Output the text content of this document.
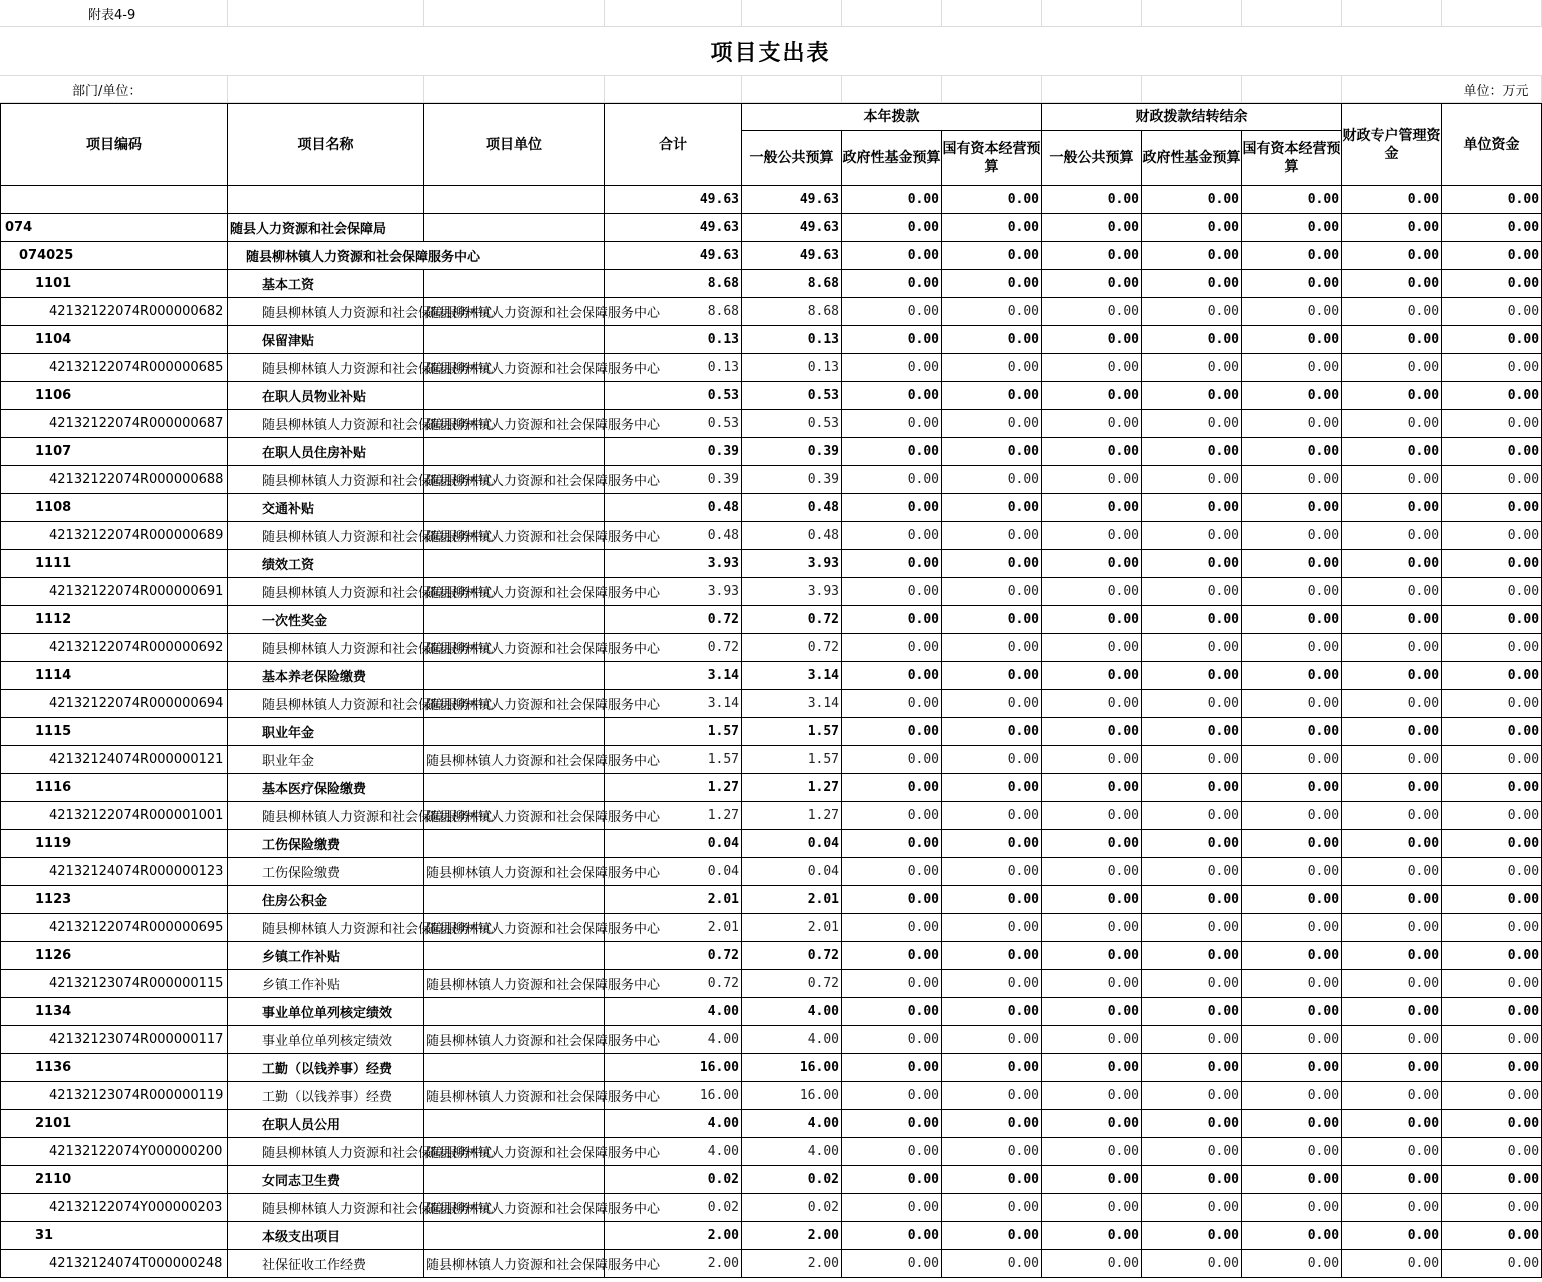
附表4-9											
项目支出表											
部门/单位：										单位：万元	
项目编码	项目名称	项目单位	合计	本年拨款			财政拨款结转结余			财政专户管理资金	单位资金
				一般公共预算	政府性基金预算	国有资本经营预算	一般公共预算	政府性基金预算	国有资本经营预算		
			49.63	49.63	0.00	0.00	0.00	0.00	0.00	0.00	0.00
074	随县人力资源和社会保障局		49.63	49.63	0.00	0.00	0.00	0.00	0.00	0.00	0.00
074025	随县柳林镇人力资源和社会保障服务中心		49.63	49.63	0.00	0.00	0.00	0.00	0.00	0.00	0.00
1101	基本工资		8.68	8.68	0.00	0.00	0.00	0.00	0.00	0.00	0.00
42132122074R000000682	随县柳林镇人力资源和社会保障服务中心	随县柳林镇人力资源和社会保障服务中心	8.68	8.68	0.00	0.00	0.00	0.00	0.00	0.00	0.00
1104	保留津贴		0.13	0.13	0.00	0.00	0.00	0.00	0.00	0.00	0.00
42132122074R000000685	随县柳林镇人力资源和社会保障服务中心	随县柳林镇人力资源和社会保障服务中心	0.13	0.13	0.00	0.00	0.00	0.00	0.00	0.00	0.00
1106	在职人员物业补贴		0.53	0.53	0.00	0.00	0.00	0.00	0.00	0.00	0.00
42132122074R000000687	随县柳林镇人力资源和社会保障服务中心	随县柳林镇人力资源和社会保障服务中心	0.53	0.53	0.00	0.00	0.00	0.00	0.00	0.00	0.00
1107	在职人员住房补贴		0.39	0.39	0.00	0.00	0.00	0.00	0.00	0.00	0.00
42132122074R000000688	随县柳林镇人力资源和社会保障服务中心	随县柳林镇人力资源和社会保障服务中心	0.39	0.39	0.00	0.00	0.00	0.00	0.00	0.00	0.00
1108	交通补贴		0.48	0.48	0.00	0.00	0.00	0.00	0.00	0.00	0.00
42132122074R000000689	随县柳林镇人力资源和社会保障服务中心	随县柳林镇人力资源和社会保障服务中心	0.48	0.48	0.00	0.00	0.00	0.00	0.00	0.00	0.00
1111	绩效工资		3.93	3.93	0.00	0.00	0.00	0.00	0.00	0.00	0.00
42132122074R000000691	随县柳林镇人力资源和社会保障服务中心	随县柳林镇人力资源和社会保障服务中心	3.93	3.93	0.00	0.00	0.00	0.00	0.00	0.00	0.00
1112	一次性奖金		0.72	0.72	0.00	0.00	0.00	0.00	0.00	0.00	0.00
42132122074R000000692	随县柳林镇人力资源和社会保障服务中心	随县柳林镇人力资源和社会保障服务中心	0.72	0.72	0.00	0.00	0.00	0.00	0.00	0.00	0.00
1114	基本养老保险缴费		3.14	3.14	0.00	0.00	0.00	0.00	0.00	0.00	0.00
42132122074R000000694	随县柳林镇人力资源和社会保障服务中心	随县柳林镇人力资源和社会保障服务中心	3.14	3.14	0.00	0.00	0.00	0.00	0.00	0.00	0.00
1115	职业年金		1.57	1.57	0.00	0.00	0.00	0.00	0.00	0.00	0.00
42132124074R000000121	职业年金	随县柳林镇人力资源和社会保障服务中心	1.57	1.57	0.00	0.00	0.00	0.00	0.00	0.00	0.00
1116	基本医疗保险缴费		1.27	1.27	0.00	0.00	0.00	0.00	0.00	0.00	0.00
42132122074R000001001	随县柳林镇人力资源和社会保障服务中心	随县柳林镇人力资源和社会保障服务中心	1.27	1.27	0.00	0.00	0.00	0.00	0.00	0.00	0.00
1119	工伤保险缴费		0.04	0.04	0.00	0.00	0.00	0.00	0.00	0.00	0.00
42132124074R000000123	工伤保险缴费	随县柳林镇人力资源和社会保障服务中心	0.04	0.04	0.00	0.00	0.00	0.00	0.00	0.00	0.00
1123	住房公积金		2.01	2.01	0.00	0.00	0.00	0.00	0.00	0.00	0.00
42132122074R000000695	随县柳林镇人力资源和社会保障服务中心	随县柳林镇人力资源和社会保障服务中心	2.01	2.01	0.00	0.00	0.00	0.00	0.00	0.00	0.00
1126	乡镇工作补贴		0.72	0.72	0.00	0.00	0.00	0.00	0.00	0.00	0.00
42132123074R000000115	乡镇工作补贴	随县柳林镇人力资源和社会保障服务中心	0.72	0.72	0.00	0.00	0.00	0.00	0.00	0.00	0.00
1134	事业单位单列核定绩效		4.00	4.00	0.00	0.00	0.00	0.00	0.00	0.00	0.00
42132123074R000000117	事业单位单列核定绩效	随县柳林镇人力资源和社会保障服务中心	4.00	4.00	0.00	0.00	0.00	0.00	0.00	0.00	0.00
1136	工勤（以钱养事）经费		16.00	16.00	0.00	0.00	0.00	0.00	0.00	0.00	0.00
42132123074R000000119	工勤（以钱养事）经费	随县柳林镇人力资源和社会保障服务中心	16.00	16.00	0.00	0.00	0.00	0.00	0.00	0.00	0.00
2101	在职人员公用		4.00	4.00	0.00	0.00	0.00	0.00	0.00	0.00	0.00
42132122074Y000000200	随县柳林镇人力资源和社会保障服务中心	随县柳林镇人力资源和社会保障服务中心	4.00	4.00	0.00	0.00	0.00	0.00	0.00	0.00	0.00
2110	女同志卫生费		0.02	0.02	0.00	0.00	0.00	0.00	0.00	0.00	0.00
42132122074Y000000203	随县柳林镇人力资源和社会保障服务中心	随县柳林镇人力资源和社会保障服务中心	0.02	0.02	0.00	0.00	0.00	0.00	0.00	0.00	0.00
31	本级支出项目		2.00	2.00	0.00	0.00	0.00	0.00	0.00	0.00	0.00
42132124074T000000248	社保征收工作经费	随县柳林镇人力资源和社会保障服务中心	2.00	2.00	0.00	0.00	0.00	0.00	0.00	0.00	0.00
